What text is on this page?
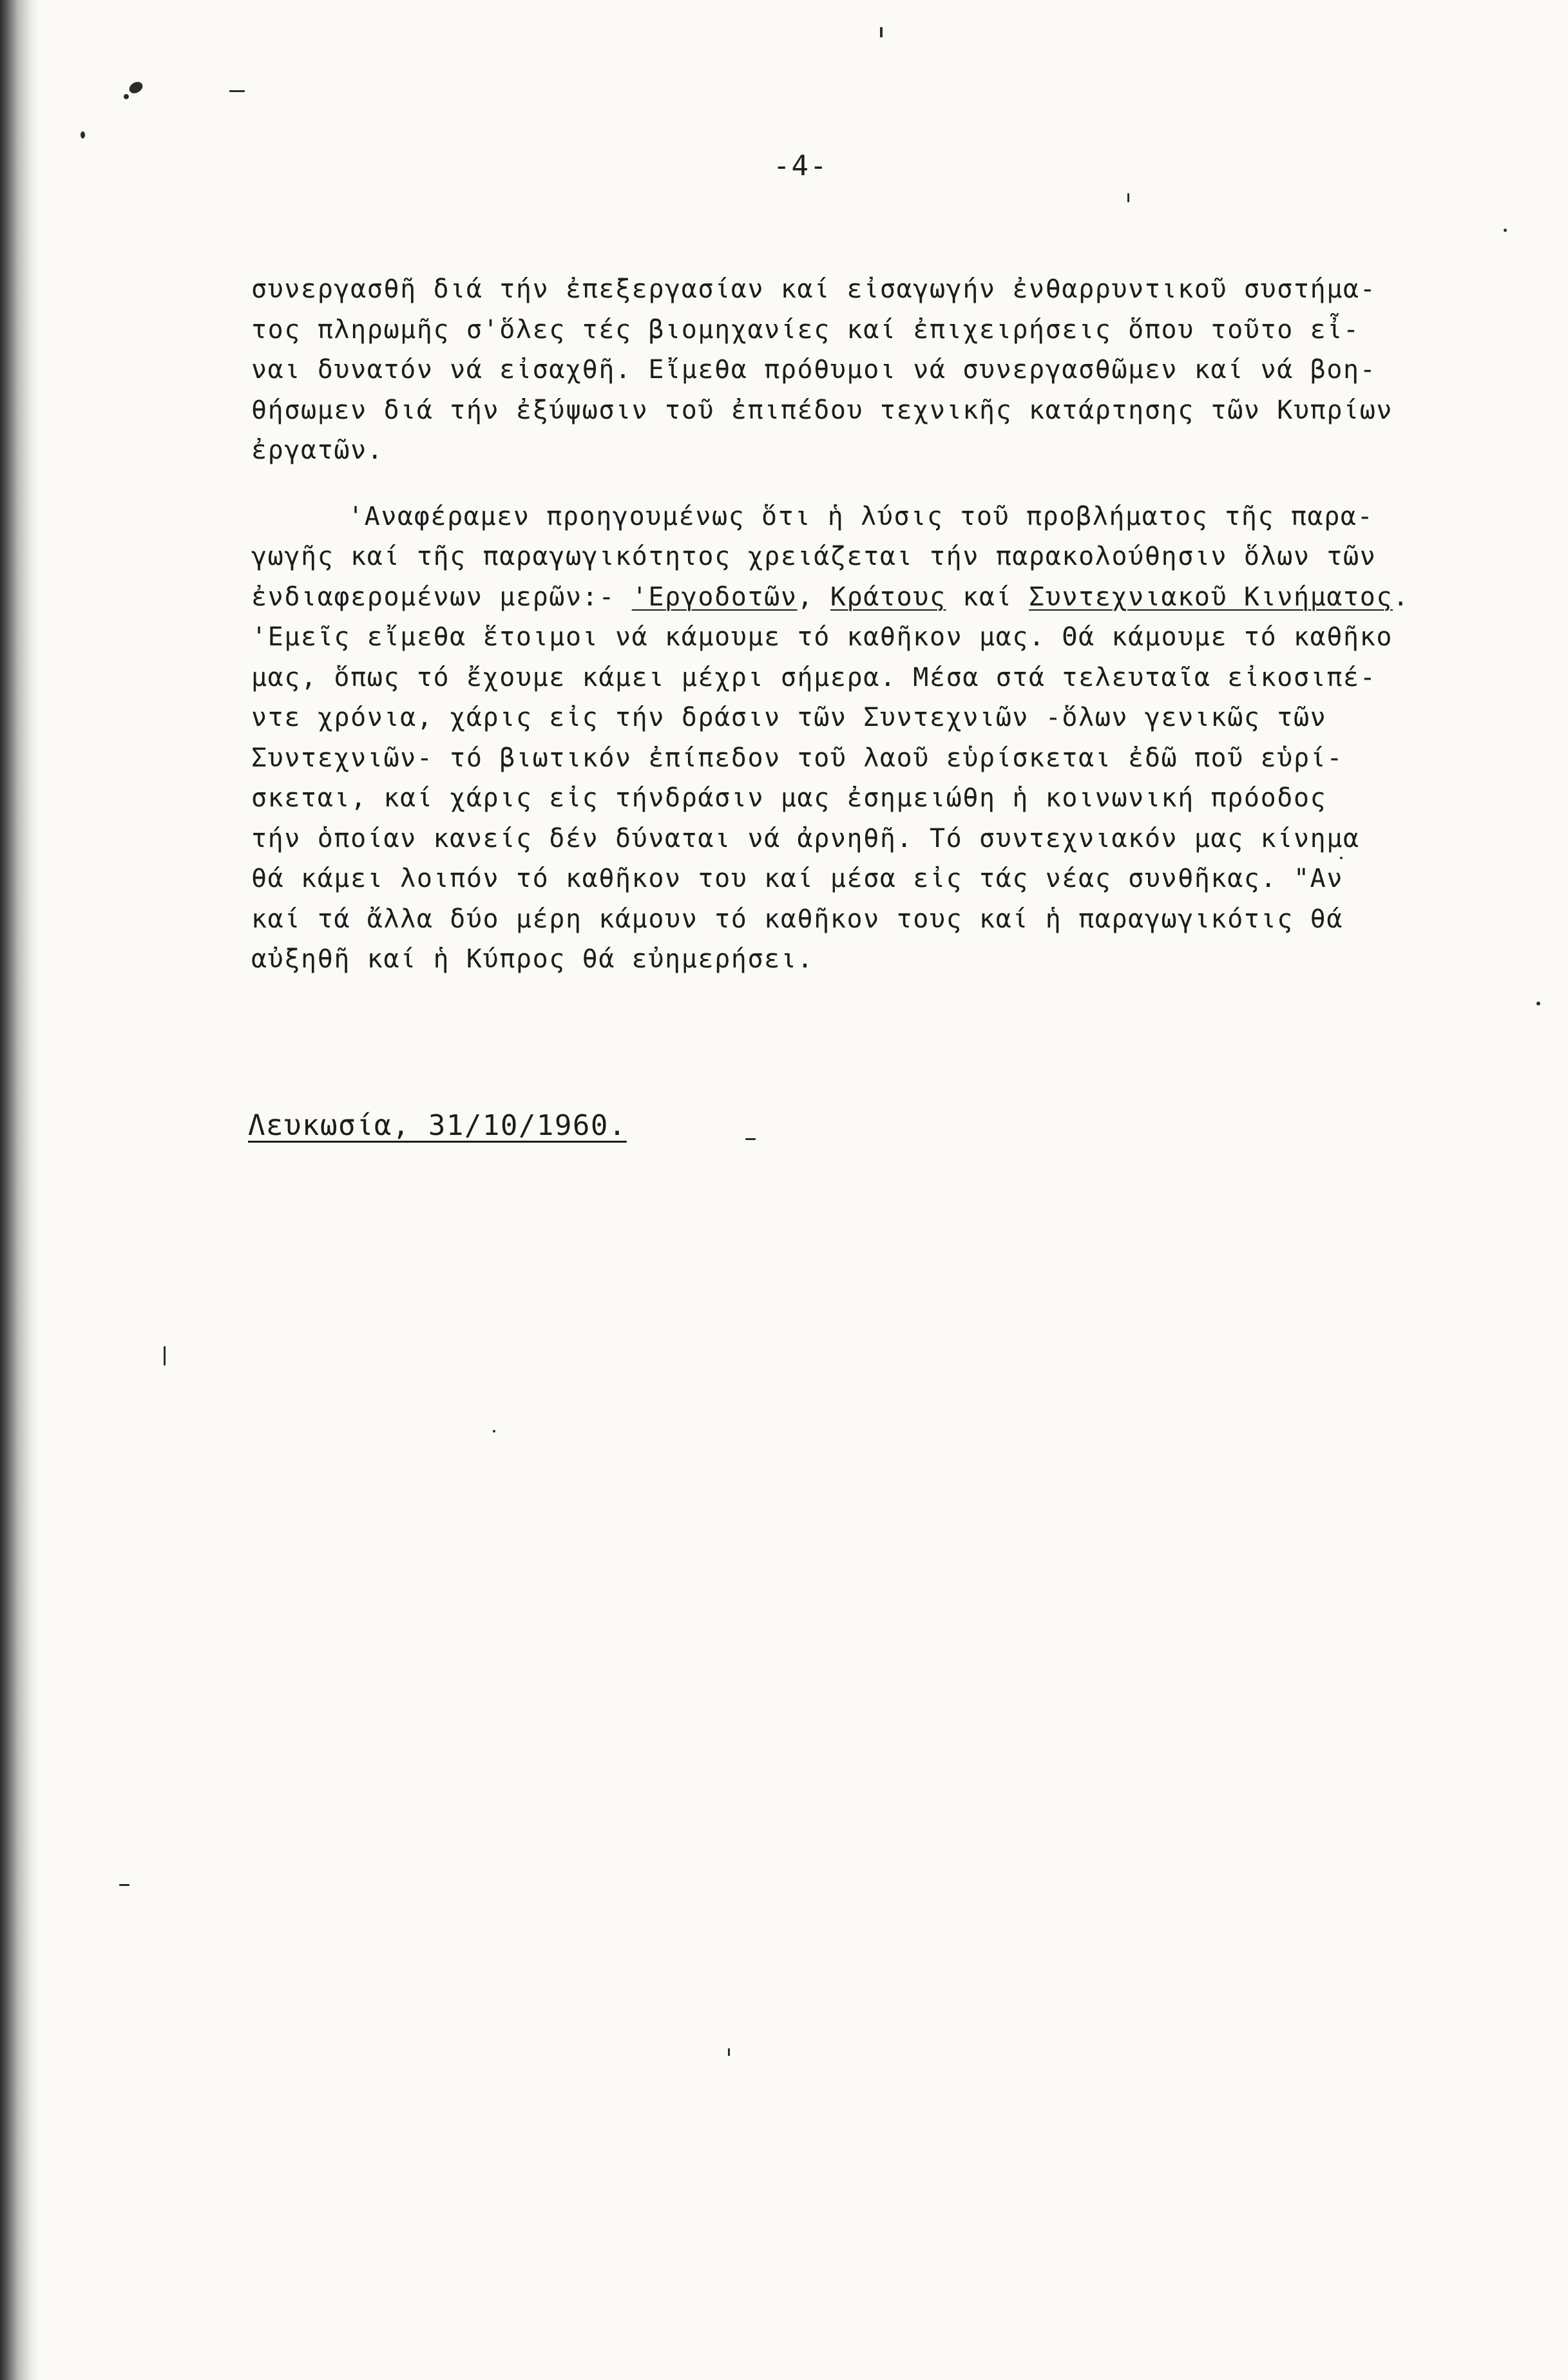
-4-

συνεργασθῆ διά τήν ἐπεξεργασίαν καί εἰσαγωγήν ἐνθαρρυντικοῦ συστήμα-

τος πληρωμῆς σ'ὅλες τές βιομηχανίες καί ἐπιχειρήσεις ὅπου τοῦτο εἶ-

ναι δυνατόν νά εἰσαχθῆ. Εἴμεθα πρόθυμοι νά συνεργασθῶμεν καί νά βοη-

θήσωμεν διά τήν ἐξύψωσιν τοῦ ἐπιπέδου τεχνικῆς κατάρτησης τῶν Κυπρίων

ἐργατῶν.

'Αναφέραμεν προηγουμένως ὅτι ἡ λύσις τοῦ προβλήματος τῆς παρα-

γωγῆς καί τῆς παραγωγικότητος χρειάζεται τήν παρακολούθησιν ὅλων τῶν

ἐνδιαφερομένων μερῶν:- 'Εργοδοτῶν, Κράτους καί Συντεχνιακοῦ Κινήματος.

'Εμεῖς εἴμεθα ἕτοιμοι νά κάμουμε τό καθῆκον μας. Θά κάμουμε τό καθῆκο

μας, ὅπως τό ἔχουμε κάμει μέχρι σήμερα. Μέσα στά τελευταῖα εἰκοσιπέ-

ντε χρόνια, χάρις εἰς τήν δράσιν τῶν Συντεχνιῶν -ὅλων γενικῶς τῶν

Συντεχνιῶν- τό βιωτικόν ἐπίπεδον τοῦ λαοῦ εὑρίσκεται ἐδῶ ποῦ εὑρί-

σκεται, καί χάρις εἰς τήνδράσιν μας ἐσημειώθη ἡ κοινωνική πρόοδος

τήν ὁποίαν κανείς δέν δύναται νά ἀρνηθῆ. Τό συντεχνιακόν μας κίνημα

θά κάμει λοιπόν τό καθῆκον του καί μέσα εἰς τάς νέας συνθῆκας. "Αν

καί τά ἄλλα δύο μέρη κάμουν τό καθῆκον τους καί ἡ παραγωγικότις θά

αὐξηθῆ καί ἡ Κύπρος θά εὐημερήσει.

Λευκωσία, 31/10/1960.
